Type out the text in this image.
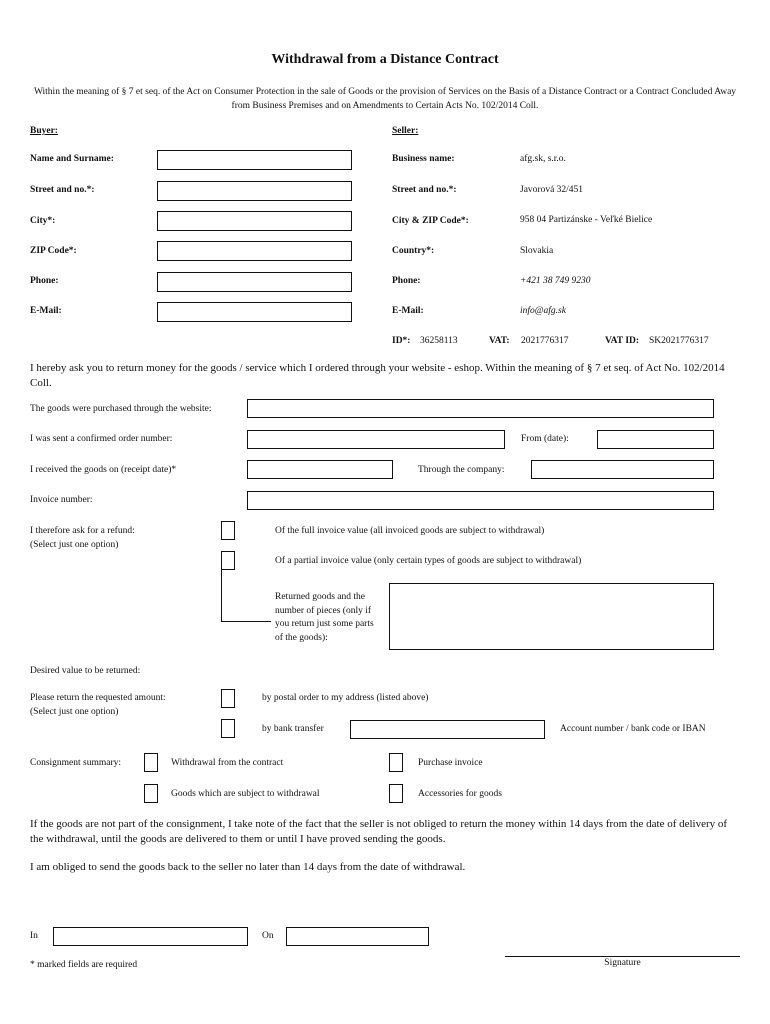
Withdrawal from a Distance Contract
Within the meaning of § 7 et seq. of the Act on Consumer Protection in the sale of Goods or the provision of Services on the Basis of a Distance Contract or a Contract Concluded Away from Business Premises and on Amendments to Certain Acts No. 102/2014 Coll.
Buyer:
Name and Surname:
Street and no.*:
City*:
ZIP Code*:
Phone:
E-Mail:
Seller:
Business name:	afg.sk, s.r.o.
Street and no.*:	Javorová 32/451
City & ZIP Code*:	958 04 Partizánske - Veľké Bielice
Country*:	Slovakia
Phone:	+421 38 749 9230
E-Mail:	info@afg.sk
ID*: 36258113	VAT: 2021776317	VAT ID: SK2021776317
I hereby ask you to return money for the goods / service which I ordered through your website - eshop. Within the meaning of § 7 et seq. of Act No. 102/2014 Coll.
The goods were purchased through the website:
I was sent a confirmed order number:	From (date):
I received the goods on (receipt date)*	Through the company:
Invoice number:
I therefore ask for a refund:
(Select just one option)
Of the full invoice value (all invoiced goods are subject to withdrawal)
Of a partial invoice value (only certain types of goods are subject to withdrawal)
Returned goods and the
number of pieces (only if
you return just some parts
of the goods):
Desired value to be returned:
Please return the requested amount:
(Select just one option)
by postal order to my address (listed above)
by bank transfer	Account number / bank code or IBAN
Consignment summary:	Withdrawal from the contract	Purchase invoice
Goods which are subject to withdrawal	Accessories for goods
If the goods are not part of the consignment, I take note of the fact that the seller is not obliged to return the money within 14 days from the date of delivery of the withdrawal, until the goods are delivered to them or until I have proved sending the goods.
I am obliged to send the goods back to the seller no later than 14 days from the date of withdrawal.
In	On
* marked fields are required	Signature
